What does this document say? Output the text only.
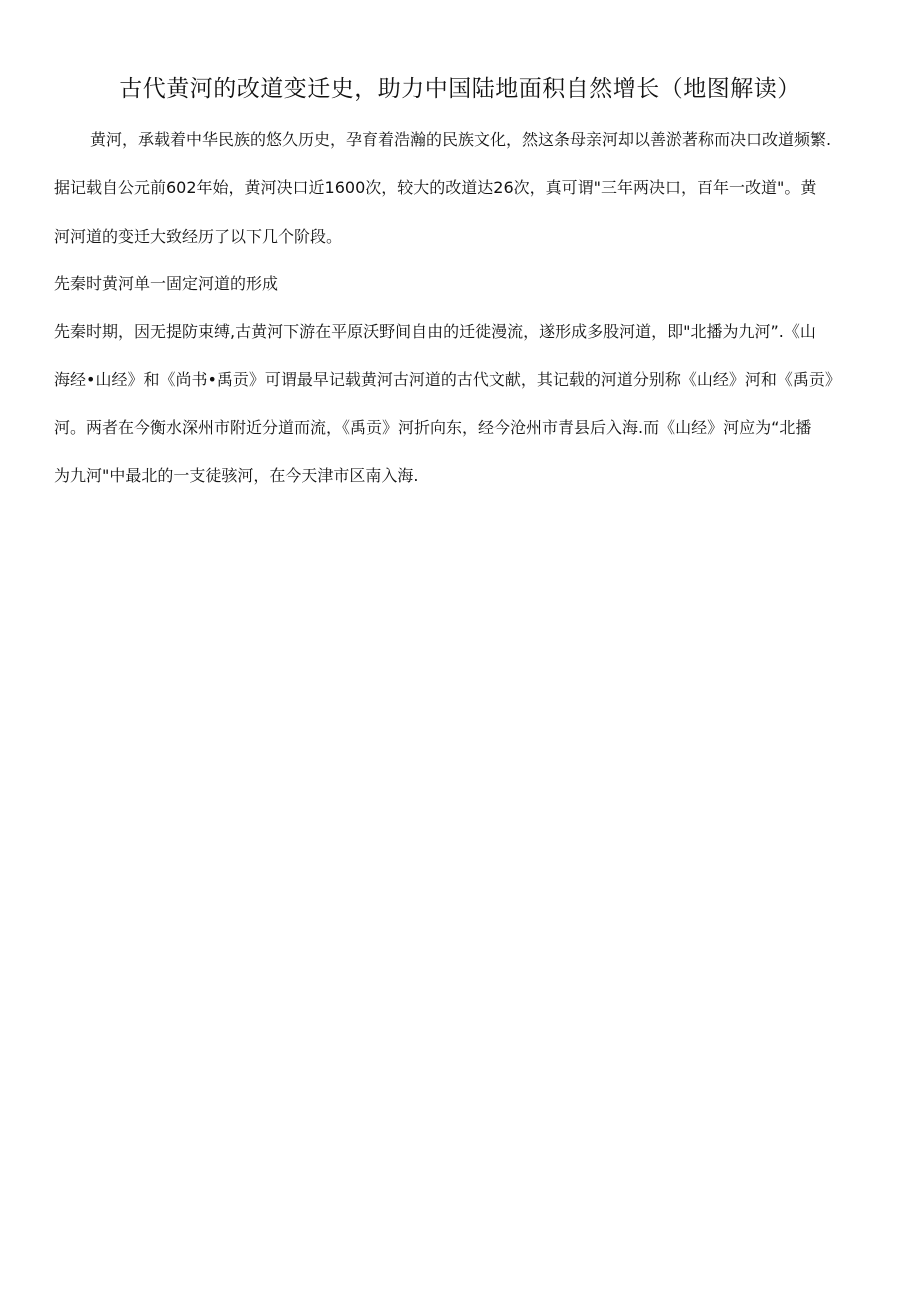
古代黄河的改道变迁史，助力中国陆地面积自然增长（地图解读）

黄河，承载着中华民族的悠久历史，孕育着浩瀚的民族文化，然这条母亲河却以善淤著称而决口改道频繁.

据记载自公元前602年始，黄河决口近1600次，较大的改道达26次，真可谓"三年两决口，百年一改道"。黄

河河道的变迁大致经历了以下几个阶段。

先秦时黄河单一固定河道的形成

先秦时期，因无提防束缚,古黄河下游在平原沃野间自由的迁徙漫流，遂形成多股河道，即"北播为九河”.《山

海经•山经》和《尚书•禹贡》可谓最早记载黄河古河道的古代文献，其记载的河道分别称《山经》河和《禹贡》

河。两者在今衡水深州市附近分道而流，《禹贡》河折向东，经今沧州市青县后入海.而《山经》河应为“北播

为九河"中最北的一支徒骇河，在今天津市区南入海.
